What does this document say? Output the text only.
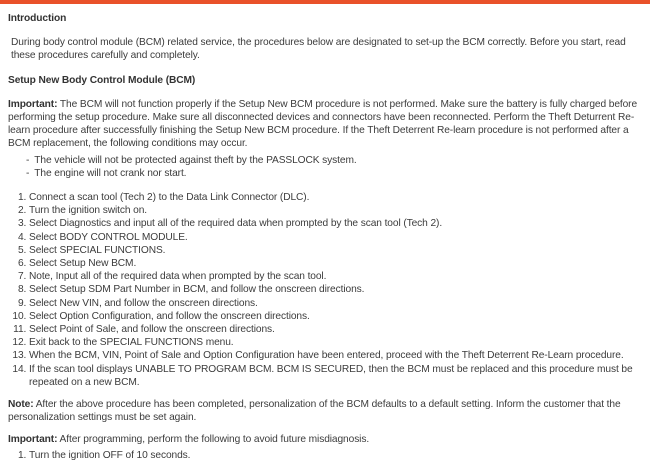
Introduction

During body control module (BCM) related service, the procedures below are designated to set-up the BCM correctly. Before you start, read these procedures carefully and completely.

Setup New Body Control Module (BCM)

Important: The BCM will not function properly if the Setup New BCM procedure is not performed. Make sure the battery is fully charged before performing the setup procedure. Make sure all disconnected devices and connectors have been reconnected. Perform the Theft Deturrent Re-learn procedure after successfully finishing the Setup New BCM procedure. If the Theft Deterrent Re-learn procedure is not performed after a BCM replacement, the following conditions may occur.

- The vehicle will not be protected against theft by the PASSLOCK system.
- The engine will not crank nor start.
1. Connect a scan tool (Tech 2) to the Data Link Connector (DLC).
2. Turn the ignition switch on.
3. Select Diagnostics and input all of the required data when prompted by the scan tool (Tech 2).
4. Select BODY CONTROL MODULE.
5. Select SPECIAL FUNCTIONS.
6. Select Setup New BCM.
7. Note, Input all of the required data when prompted by the scan tool.
8. Select Setup SDM Part Number in BCM, and follow the onscreen directions.
9. Select New VIN, and follow the onscreen directions.
10. Select Option Configuration, and follow the onscreen directions.
11. Select Point of Sale, and follow the onscreen directions.
12. Exit back to the SPECIAL FUNCTIONS menu.
13. When the BCM, VIN, Point of Sale and Option Configuration have been entered, proceed with the Theft Deterrent Re-Learn procedure.
14. If the scan tool displays UNABLE TO PROGRAM BCM. BCM IS SECURED, then the BCM must be replaced and this procedure must be repeated on a new BCM.

Note: After the above procedure has been completed, personalization of the BCM defaults to a default setting. Inform the customer that the personalization settings must be set again.

Important: After programming, perform the following to avoid future misdiagnosis.

1. Turn the ignition OFF of 10 seconds.
